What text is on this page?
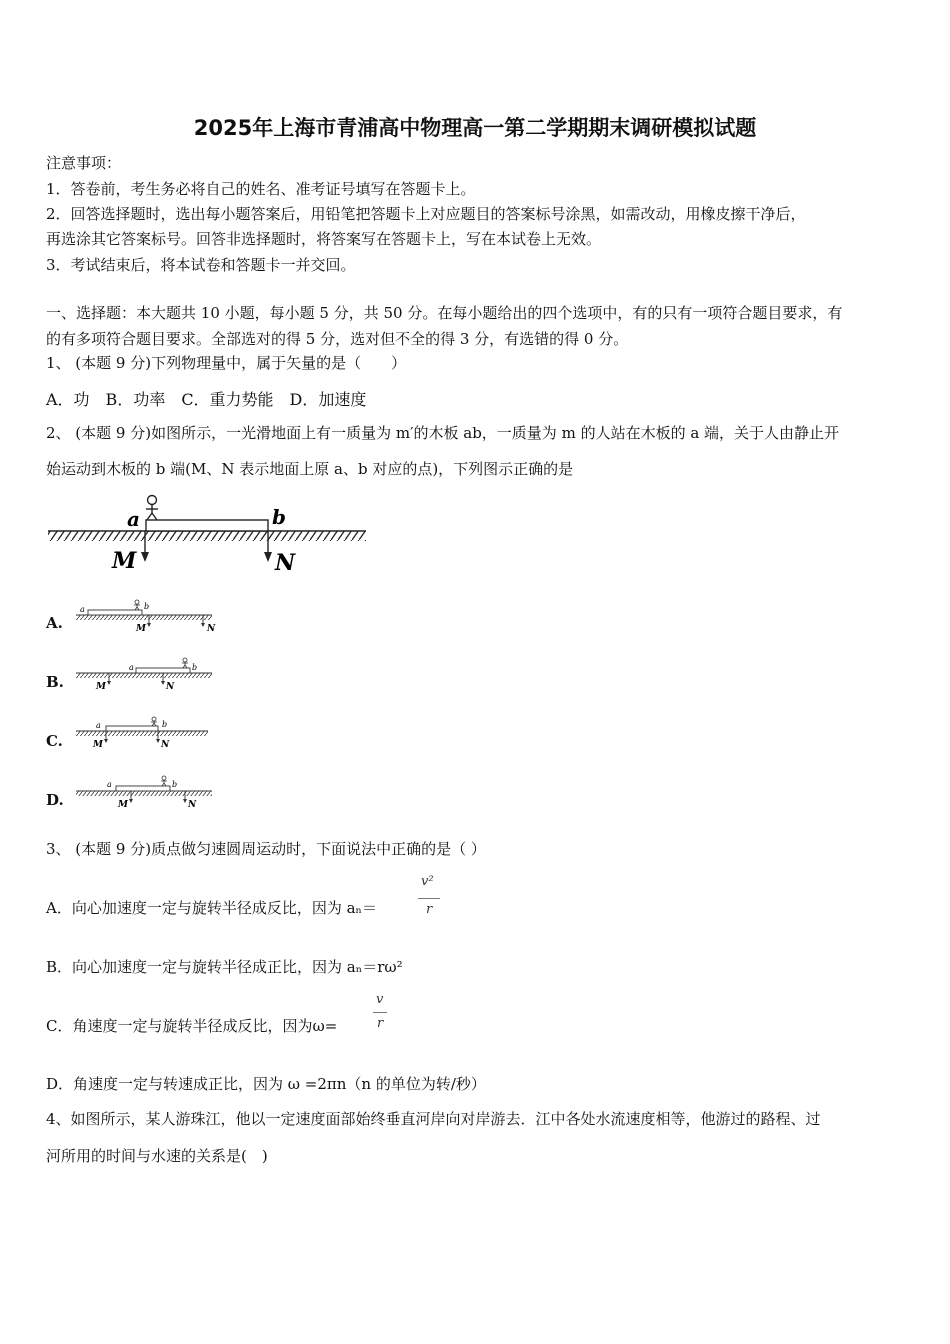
2025年上海市青浦高中物理高一第二学期期末调研模拟试题
注意事项：
1．答卷前，考生务必将自己的姓名、准考证号填写在答题卡上。
2．回答选择题时，选出每小题答案后，用铅笔把答题卡上对应题目的答案标号涂黑，如需改动，用橡皮擦干净后，
再选涂其它答案标号。回答非选择题时，将答案写在答题卡上，写在本试卷上无效。
3．考试结束后，将本试卷和答题卡一并交回。
一、选择题：本大题共 10 小题，每小题 5 分，共 50 分。在每小题给出的四个选项中，有的只有一项符合题目要求，有
的有多项符合题目要求。全部选对的得 5 分，选对但不全的得 3 分，有选错的得 0 分。
1、 (本题 9 分)下列物理量中，属于矢量的是（　　）
A．功　B．功率　C．重力势能　D．加速度
2、 (本题 9 分)如图所示，一光滑地面上有一质量为 m′的木板 ab，一质量为 m 的人站在木板的 a 端，关于人由静止开
始运动到木板的 b 端(M、N 表示地面上原 a、b 对应的点)，下列图示正确的是
a	b
M	N
A.
a	b
M	N
B.
a	b
M	N
C.
a	b
M	N
D.
a	b
M	N
3、 (本题 9 分)质点做匀速圆周运动时，下面说法中正确的是（ ）
A．向心加速度一定与旋转半径成反比，因为 aₙ＝
v²
r
B．向心加速度一定与旋转半径成正比，因为 aₙ＝rω²
C．角速度一定与旋转半径成反比，因为ω=
v
r
D．角速度一定与转速成正比，因为 ω =2πn（n 的单位为转/秒）
4、如图所示，某人游珠江，他以一定速度面部始终垂直河岸向对岸游去．江中各处水流速度相等，他游过的路程、过
河所用的时间与水速的关系是(　)
